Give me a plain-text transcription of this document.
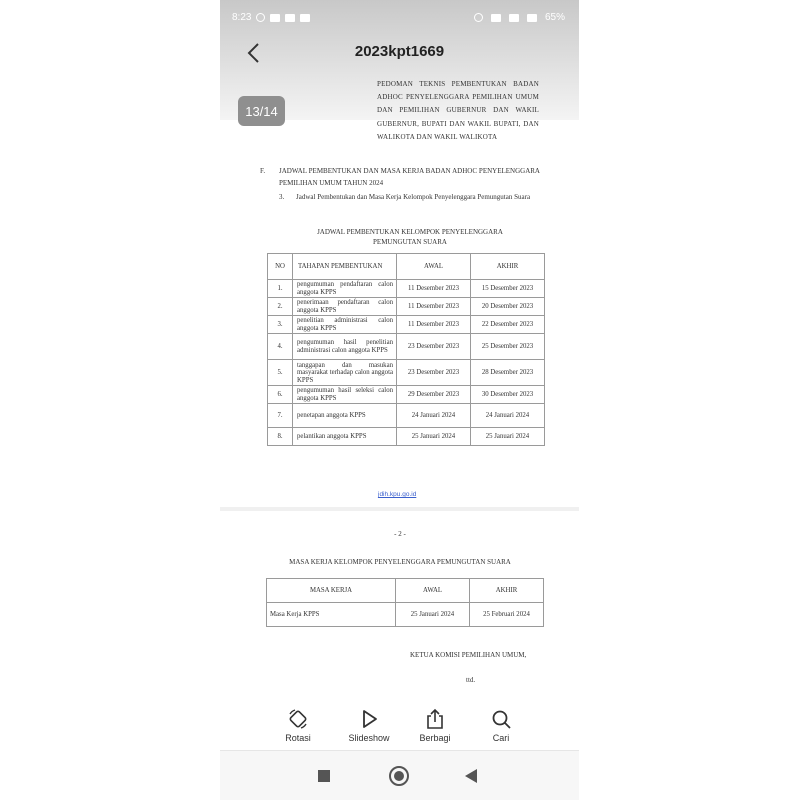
2023kpt1669
8:23	65%
13/14
PEDOMAN TEKNIS PEMBENTUKAN BADAN ADHOC PENYELENGGARA PEMILIHAN UMUM DAN PEMILIHAN GUBERNUR DAN WAKIL GUBERNUR, BUPATI DAN WAKIL BUPATI, DAN WALIKOTA DAN WAKIL WALIKOTA
F. JADWAL PEMBENTUKAN DAN MASA KERJA BADAN ADHOC PENYELENGGARA PEMILIHAN UMUM TAHUN 2024
3. Jadwal Pembentukan dan Masa Kerja Kelompok Penyelenggara Pemungutan Suara
JADWAL PEMBENTUKAN KELOMPOK PENYELENGGARA
PEMUNGUTAN SUARA
NO	TAHAPAN PEMBENTUKAN	AWAL	AKHIR
1.	pengumuman pendaftaran calon anggota KPPS	11 Desember 2023	15 Desember 2023
2.	penerimaan pendaftaran calon anggota KPPS	11 Desember 2023	20 Desember 2023
3.	penelitian administrasi calon anggota KPPS	11 Desember 2023	22 Desember 2023
4.	pengumuman hasil penelitian administrasi calon anggota KPPS	23 Desember 2023	25 Desember 2023
5.	tanggapan dan masukan masyarakat terhadap calon anggota KPPS	23 Desember 2023	28 Desember 2023
6.	pengumuman hasil seleksi calon anggota KPPS	29 Desember 2023	30 Desember 2023
7.	penetapan anggota KPPS	24 Januari 2024	24 Januari 2024
8.	pelantikan anggota KPPS	25 Januari 2024	25 Januari 2024
jdih.kpu.go.id
- 2 -
MASA KERJA KELOMPOK PENYELENGGARA PEMUNGUTAN SUARA
MASA KERJA	AWAL	AKHIR
Masa Kerja KPPS	25 Januari 2024	25 Februari 2024
KETUA KOMISI PEMILIHAN UMUM,
ttd.
Rotasi	Slideshow	Berbagi	Cari
